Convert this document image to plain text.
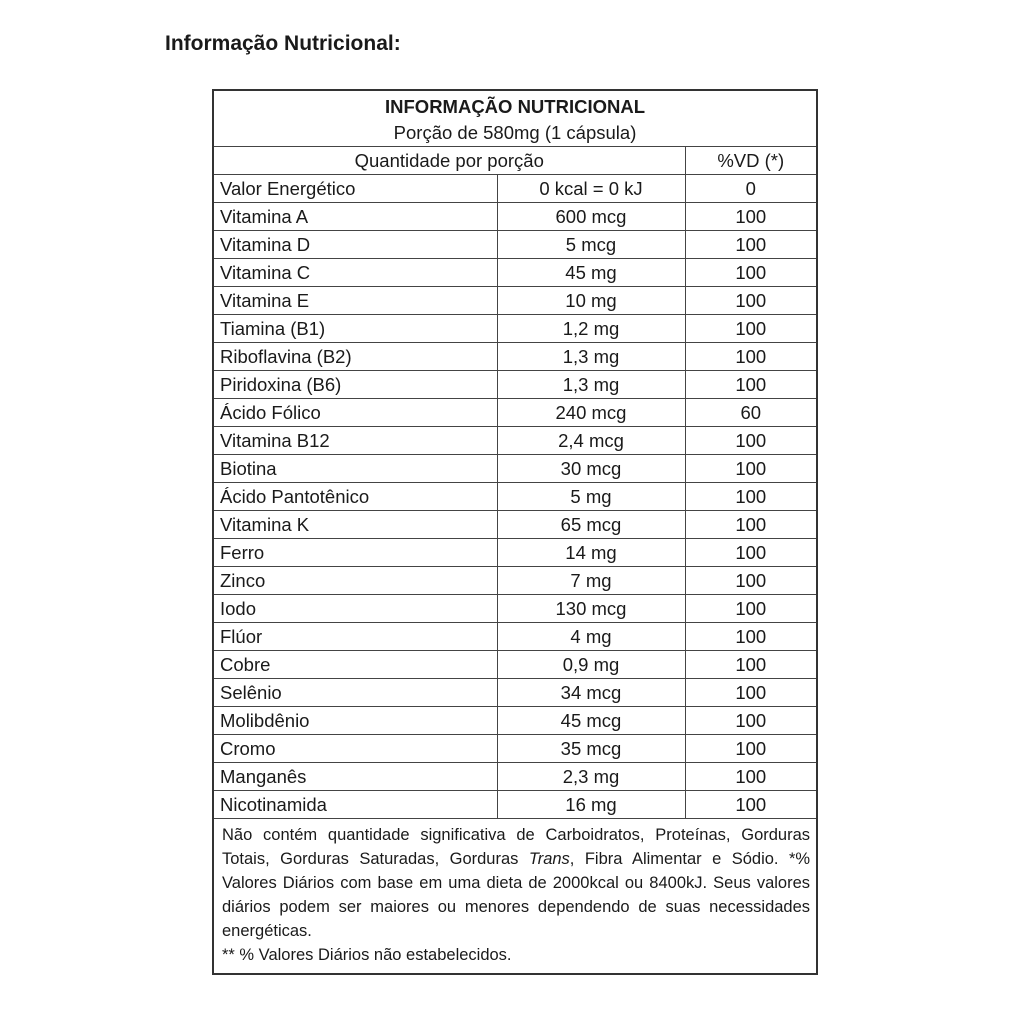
Informação Nutricional:
INFORMAÇÃO NUTRICIONAL		
Porção de 580mg (1 cápsula)		
Quantidade por porção		%VD (*)
Valor Energético	0 kcal = 0 kJ	0
Vitamina A	600 mcg	100
Vitamina D	5 mcg	100
Vitamina C	45 mg	100
Vitamina E	10 mg	100
Tiamina (B1)	1,2 mg	100
Riboflavina (B2)	1,3 mg	100
Piridoxina (B6)	1,3 mg	100
Ácido Fólico	240 mcg	60
Vitamina B12	2,4 mcg	100
Biotina	30 mcg	100
Ácido Pantotênico	5 mg	100
Vitamina K	65 mcg	100
Ferro	14 mg	100
Zinco	7 mg	100
Iodo	130 mcg	100
Flúor	4 mg	100
Cobre	0,9 mg	100
Selênio	34 mcg	100
Molibdênio	45 mcg	100
Cromo	35 mcg	100
Manganês	2,3 mg	100
Nicotinamida	16 mg	100

Não contém quantidade significativa de Carboidratos, Proteínas, Gorduras Totais, Gorduras Saturadas, Gorduras Trans, Fibra Alimentar e Sódio. *% Valores Diários com base em uma dieta de 2000kcal ou 8400kJ. Seus valores diários podem ser maiores ou menores dependendo de suas necessidades energéticas.
** % Valores Diários não estabelecidos.		
